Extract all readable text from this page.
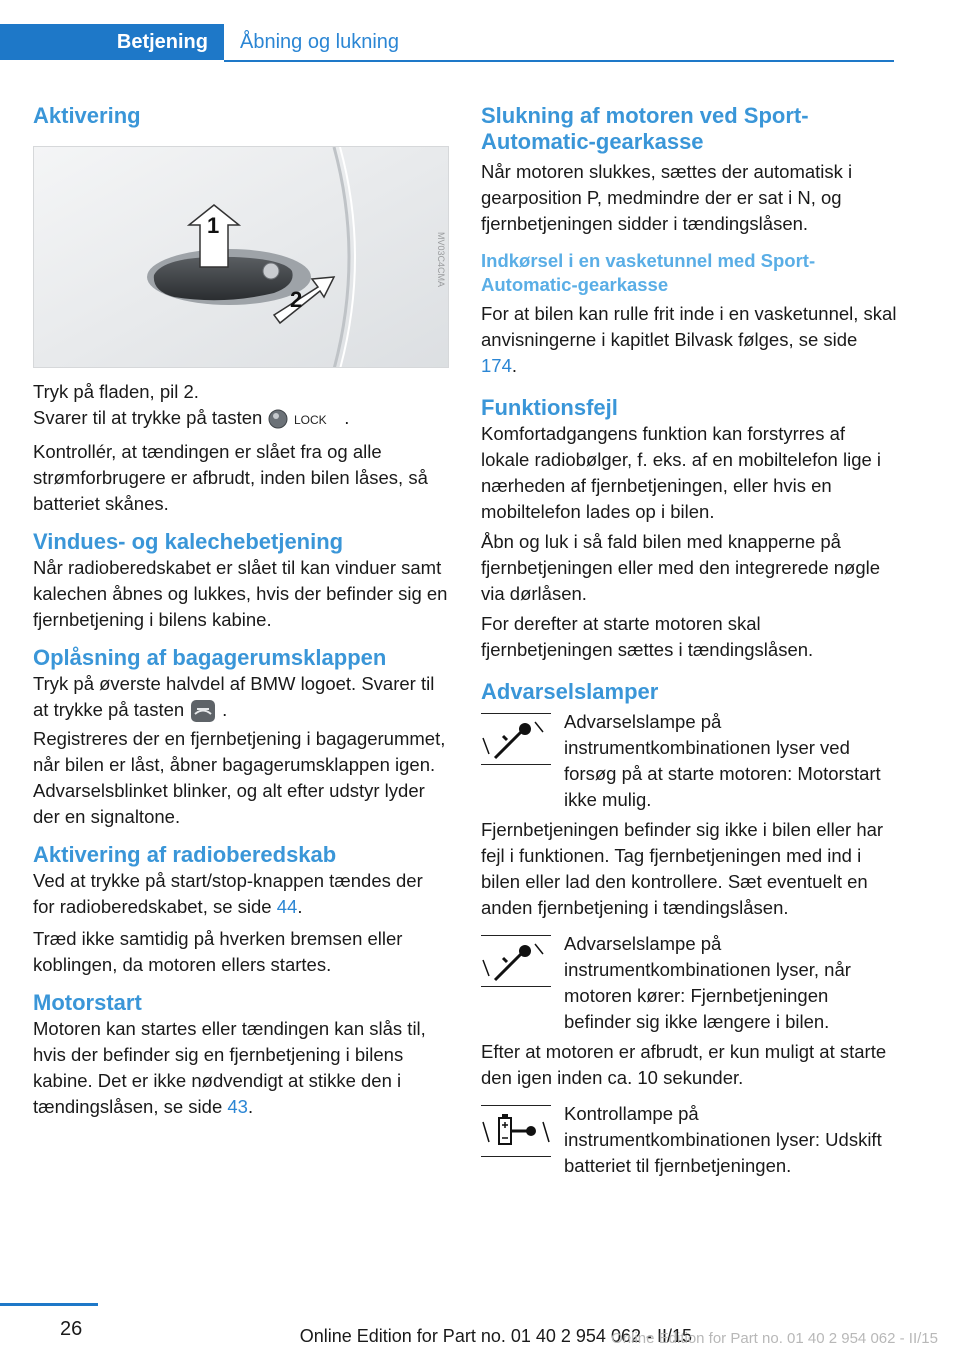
Betjening Åbning og lukning
Aktivering
1
2
MV03C4CMA

Tryk på fladen, pil 2.

Svarer til at trykke på tasten	LOCK .

Kontrollér, at tændingen er slået fra og alle strømforbrugere er afbrudt, inden bilen låses, så batteriet skånes.

Vindues- og kalechebetjening

Når radioberedskabet er slået til kan vinduer samt kalechen åbnes og lukkes, hvis der befinder sig en fjernbetjening i bilens kabine.

Oplåsning af bagagerumsklappen

Tryk på øverste halvdel af BMW logoet. Svarer til at trykke på tasten .

Registreres der en fjernbetjening i bagagerummet, når bilen er låst, åbner bagagerumsklappen igen. Advarselsblinket blinker, og alt efter udstyr lyder der en signaltone.

Aktivering af radioberedskab

Ved at trykke på start/stop-knappen tændes der for radioberedskabet, se side 44.

Træd ikke samtidig på hverken bremsen eller koblingen, da motoren ellers startes.

Motorstart

Motoren kan startes eller tændingen kan slås til, hvis der befinder sig en fjernbetjening i bilens kabine. Det er ikke nødvendigt at stikke den i tændingslåsen, se side 43.

Slukning af motoren ved Sport-Automatic-gearkasse

Når motoren slukkes, sættes der automatisk i gearposition P, medmindre der er sat i N, og fjernbetjeningen sidder i tændingslåsen.

Indkørsel i en vasketunnel med Sport-Automatic-gearkasse

For at bilen kan rulle frit inde i en vasketunnel, skal anvisningerne i kapitlet Bilvask følges, se side 174.

Funktionsfejl

Komfortadgangens funktion kan forstyrres af lokale radiobølger, f. eks. af en mobiltelefon lige i nærheden af fjernbetjeningen, eller hvis en mobiltelefon lades op i bilen.

Åbn og luk i så fald bilen med knapperne på fjernbetjeningen eller med den integrerede nøgle via dørlåsen.

For derefter at starte motoren skal fjernbetjeningen sættes i tændingslåsen.

Advarselslamper

Advarselslampe på instrumentkombinationen lyser ved forsøg på at starte motoren: Motorstart ikke mulig.

Fjernbetjeningen befinder sig ikke i bilen eller har fejl i funktionen. Tag fjernbetjeningen med ind i bilen eller lad den kontrollere. Sæt eventuelt en anden fjernbetjening i tændingslåsen.

Advarselslampe på instrumentkombinationen lyser, når motoren kører: Fjernbetjeningen befinder sig ikke længere i bilen.

Efter at motoren er afbrudt, er kun muligt at starte den igen inden ca. 10 sekunder.

Kontrollampe på instrumentkombinationen lyser: Udskift batteriet til fjernbetjeningen.

26	Online Edition for Part no. 01 40 2 954 062 - II/15
Online Edition for Part no. 01 40 2 954 062 - II/15
